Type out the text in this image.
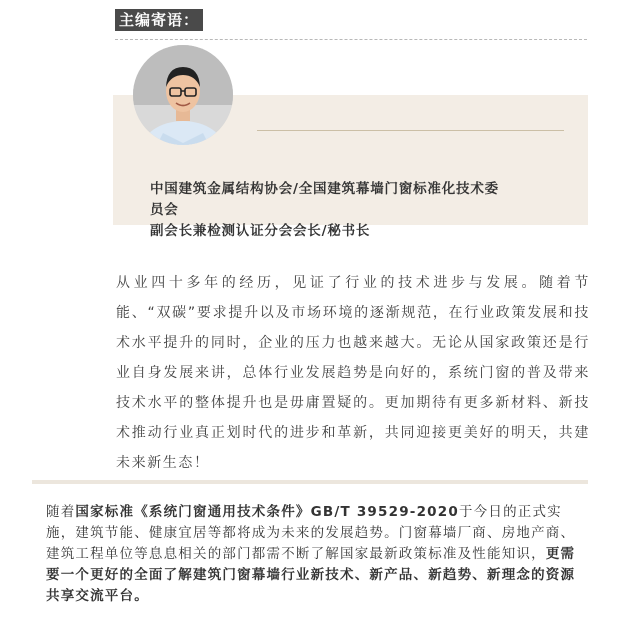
主编寄语：
中国建筑金属结构协会/全国建筑幕墙门窗标准化技术委
员会
副会长兼检测认证分会会长/秘书长
从业四十多年的经历，见证了行业的技术进步与发展。随着节能、“双碳”要求提升以及市场环境的逐渐规范，在行业政策发展和技术水平提升的同时，企业的压力也越来越大。无论从国家政策还是行业自身发展来讲，总体行业发展趋势是向好的，系统门窗的普及带来技术水平的整体提升也是毋庸置疑的。更加期待有更多新材料、新技术推动行业真正划时代的进步和革新，共同迎接更美好的明天，共建未来新生态！
随着国家标准《系统门窗通用技术条件》GB/T 39529-2020于今日的正式实施，建筑节能、健康宜居等都将成为未来的发展趋势。门窗幕墙厂商、房地产商、建筑工程单位等息息相关的部门都需不断了解国家最新政策标准及性能知识，更需要一个更好的全面了解建筑门窗幕墙行业新技术、新产品、新趋势、新理念的资源共享交流平台。
